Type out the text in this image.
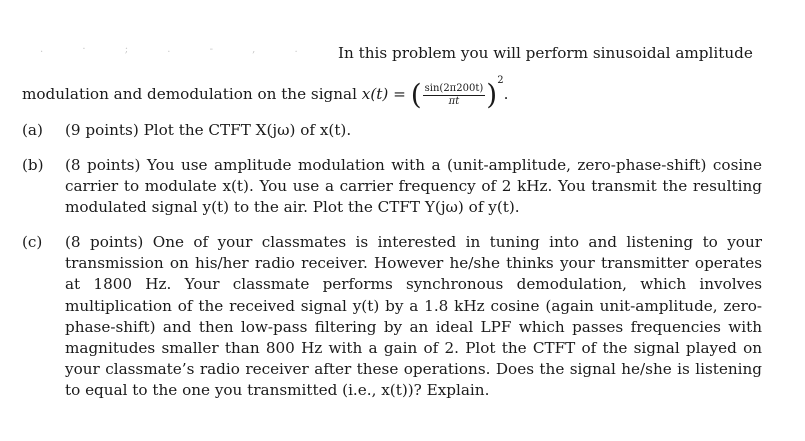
. · ; . - , .	In this problem you will perform sinusoidal amplitude
modulation and demodulation on the signal x(t) = ( $\frac{\sin(2\pi 200t)}{\pi t} )^2$.
(a) (9 points) Plot the CTFT X(jω) of x(t).
(b) (8 points) You use amplitude modulation with a (unit-amplitude, zero-phase-shift) cosine carrier to modulate x(t). You use a carrier frequency of 2 kHz. You transmit the resulting modulated signal y(t) to the air. Plot the CTFT Y(jω) of y(t).
(c) (8 points) One of your classmates is interested in tuning into and listening to your transmission on his/her radio receiver. However he/she thinks your transmitter operates at 1800 Hz. Your classmate performs synchronous demodulation, which involves multiplication of the received signal y(t) by a 1.8 kHz cosine (again unit-amplitude, zero-phase-shift) and then low-pass filtering by an ideal LPF which passes frequencies with magnitudes smaller than 800 Hz with a gain of 2. Plot the CTFT of the signal played on your classmate’s radio receiver after these operations. Does the signal he/she is listening to equal to the one you transmitted (i.e., x(t))? Explain.
